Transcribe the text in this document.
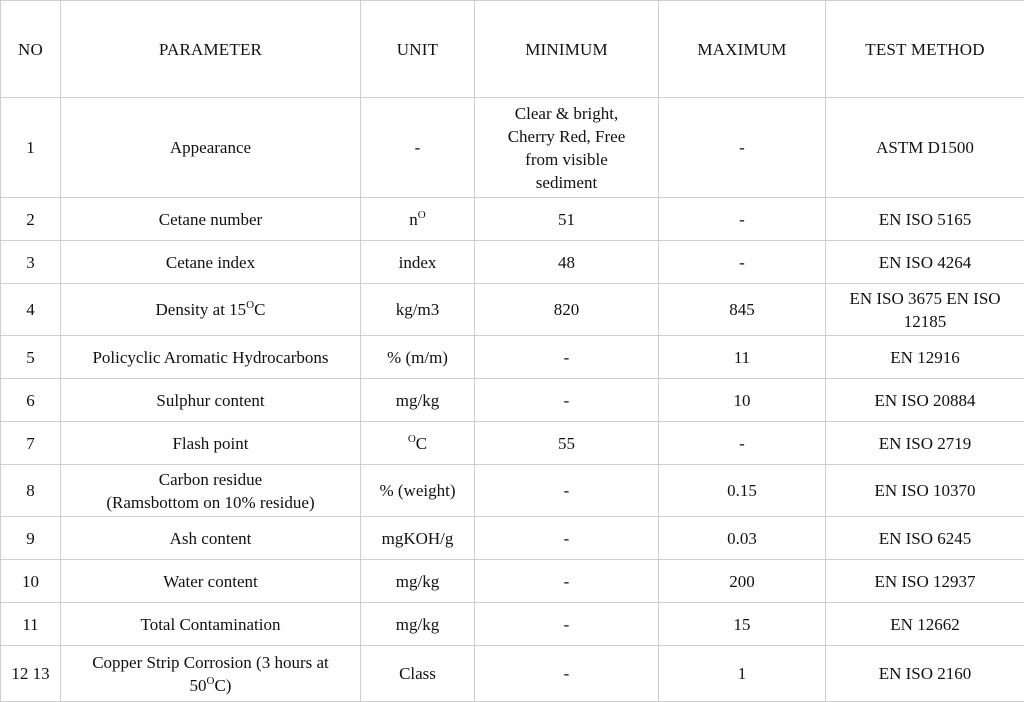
NO	PARAMETER	UNIT	MINIMUM	MAXIMUM	TEST METHOD
1	Appearance	-	Clear & bright,
Cherry Red, Free
from visible
sediment	-	ASTM D1500
2	Cetane number	$n^O$	51	-	EN ISO 5165
3	Cetane index	index	48	-	EN ISO 4264
4	Density at $15^OC$	kg/m3	820	845	EN ISO 3675 EN ISO
12185

5	Policyclic Aromatic Hydrocarbons	% (m/m)	-	11	EN 12916
6	Sulphur content	mg/kg	-	10	EN ISO 20884
7	Flash point	$^O$C	55	-	EN ISO 2719
8	Carbon residue
(Ramsbottom on 10% residue)	% (weight)	-	0.15	EN ISO 10370
9	Ash content	mgKOH/g	-	0.03	EN ISO 6245
10	Water content	mg/kg	-	200	EN ISO 12937
11	Total Contamination	mg/kg	-	15	EN 12662
12 13	Copper Strip Corrosion (3 hours at
$50^OC$)	Class	-	1	EN ISO 2160
